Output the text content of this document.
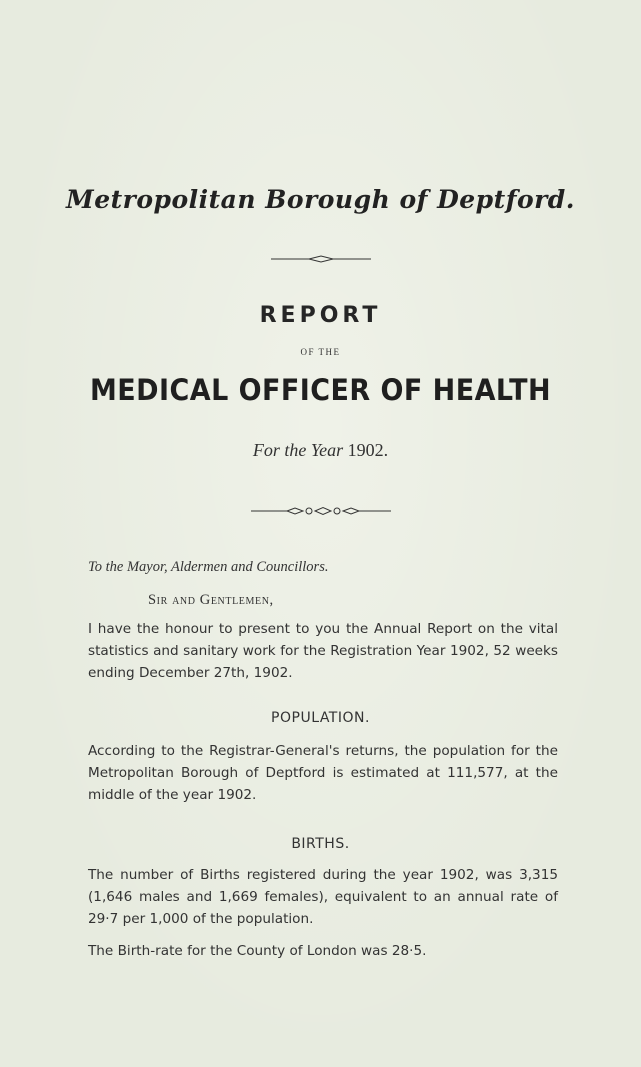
Metropolitan Borough of Deptford.
REPORT
OF THE
MEDICAL OFFICER OF HEALTH
For the Year 1902.
To the Mayor, Aldermen and Councillors.
Sir and Gentlemen,

I have the honour to present to you the Annual Report on the vital statistics and sanitary work for the Registration Year 1902, 52 weeks ending December 27th, 1902.

POPULATION.

According to the Registrar-General's returns, the population for the Metropolitan Borough of Deptford is estimated at 111,577, at the middle of the year 1902.

BIRTHS.

The number of Births registered during the year 1902, was 3,315 (1,646 males and 1,669 females), equivalent to an annual rate of 29·7 per 1,000 of the population.

The Birth-rate for the County of London was 28·5.
